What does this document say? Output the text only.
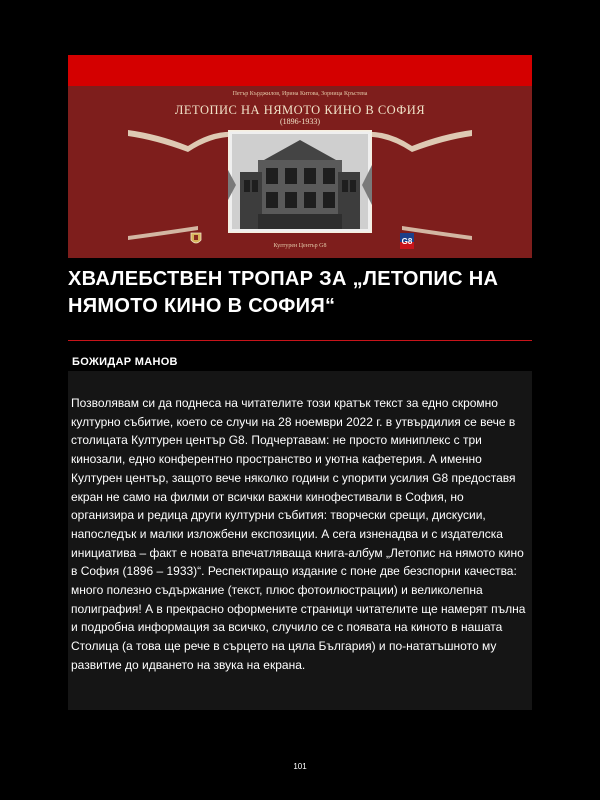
Петър Кърджилов, Ирина Китова, Зорница Кръстева
ЛЕТОПИС НА НЯМОТО КИНО В СОФИЯ
(1896-1933)
Културен Център G8	G8
ХВАЛЕБСТВЕН ТРОПАР ЗА „ЛЕТОПИС НА НЯМОТО КИНО В СОФИЯ“
БОЖИДАР МАНОВ
Позволявам си да поднеса на читателите този кратък текст за едно скромно културно събитие, което се случи на 28 ноември 2022 г. в утвърдилия се вече в столицата Културен център G8. Подчертавам: не просто миниплекс с три кинозали, едно конферентно пространство и уютна кафетерия. А именно Културен център, защото вече няколко години с упорити усилия G8 предоставя екран не само на филми от всички важни кинофестивали в София, но организира и редица други културни събития: творчески срещи, дискусии, напоследък и малки изложбени експозиции. А сега изненадва и с издателска инициатива – факт е новата впечатляваща книга-албум „Летопис на нямото кино в София (1896 – 1933)“. Респектиращо издание с поне две безспорни качества: много полезно съдържание (текст, плюс фотоилюстрации) и великолепна полиграфия! А в прекрасно оформените страници читателите ще намерят пълна и подробна информация за всичко, случило се с появата на киното в нашата Столица (а това ще рече в сърцето на цяла България) и по-нататъшното му развитие до идването на звука на екрана.
101
